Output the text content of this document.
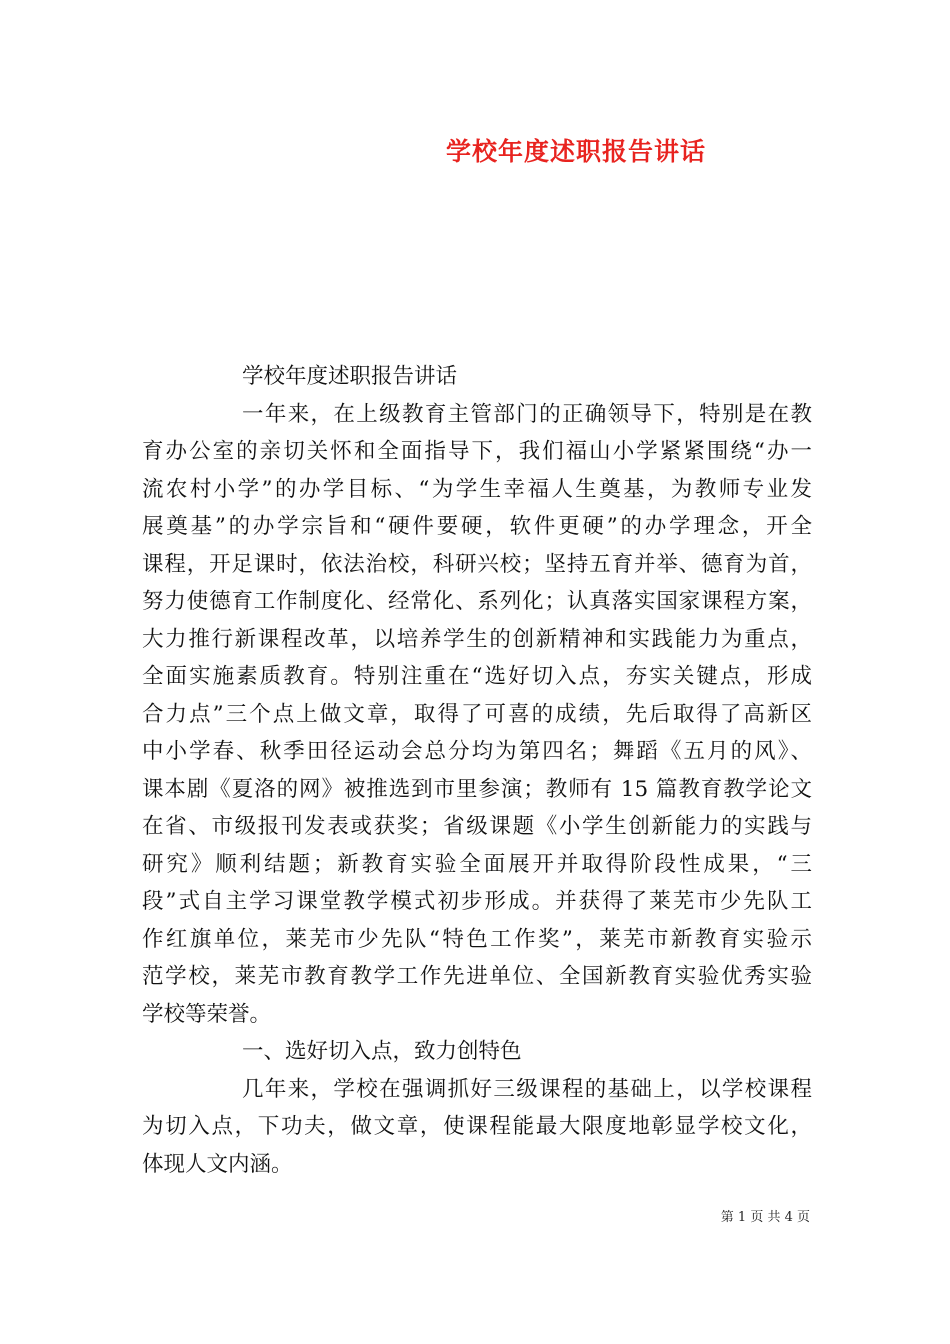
学校年度述职报告讲话
学校年度述职报告讲话
一年来，在上级教育主管部门的正确领导下，特别是在教
育办公室的亲切关怀和全面指导下，我们福山小学紧紧围绕“办一
流农村小学”的办学目标、“为学生幸福人生奠基，为教师专业发
展奠基”的办学宗旨和“硬件要硬，软件更硬”的办学理念，开全
课程，开足课时，依法治校，科研兴校；坚持五育并举、德育为首，
努力使德育工作制度化、经常化、系列化；认真落实国家课程方案，
大力推行新课程改革，以培养学生的创新精神和实践能力为重点，
全面实施素质教育。特别注重在“选好切入点，夯实关键点，形成
合力点”三个点上做文章，取得了可喜的成绩，先后取得了高新区
中小学春、秋季田径运动会总分均为第四名；舞蹈《五月的风》、
课本剧《夏洛的网》被推选到市里参演；教师有 15 篇教育教学论文
在省、市级报刊发表或获奖；省级课题《小学生创新能力的实践与
研究》顺利结题；新教育实验全面展开并取得阶段性成果，“三
段”式自主学习课堂教学模式初步形成。并获得了莱芜市少先队工
作红旗单位，莱芜市少先队“特色工作奖”，莱芜市新教育实验示
范学校，莱芜市教育教学工作先进单位、全国新教育实验优秀实验
学校等荣誉。
一、选好切入点，致力创特色
几年来，学校在强调抓好三级课程的基础上，以学校课程
为切入点，下功夫，做文章，使课程能最大限度地彰显学校文化，
体现人文内涵。
第 1 页 共 4 页
